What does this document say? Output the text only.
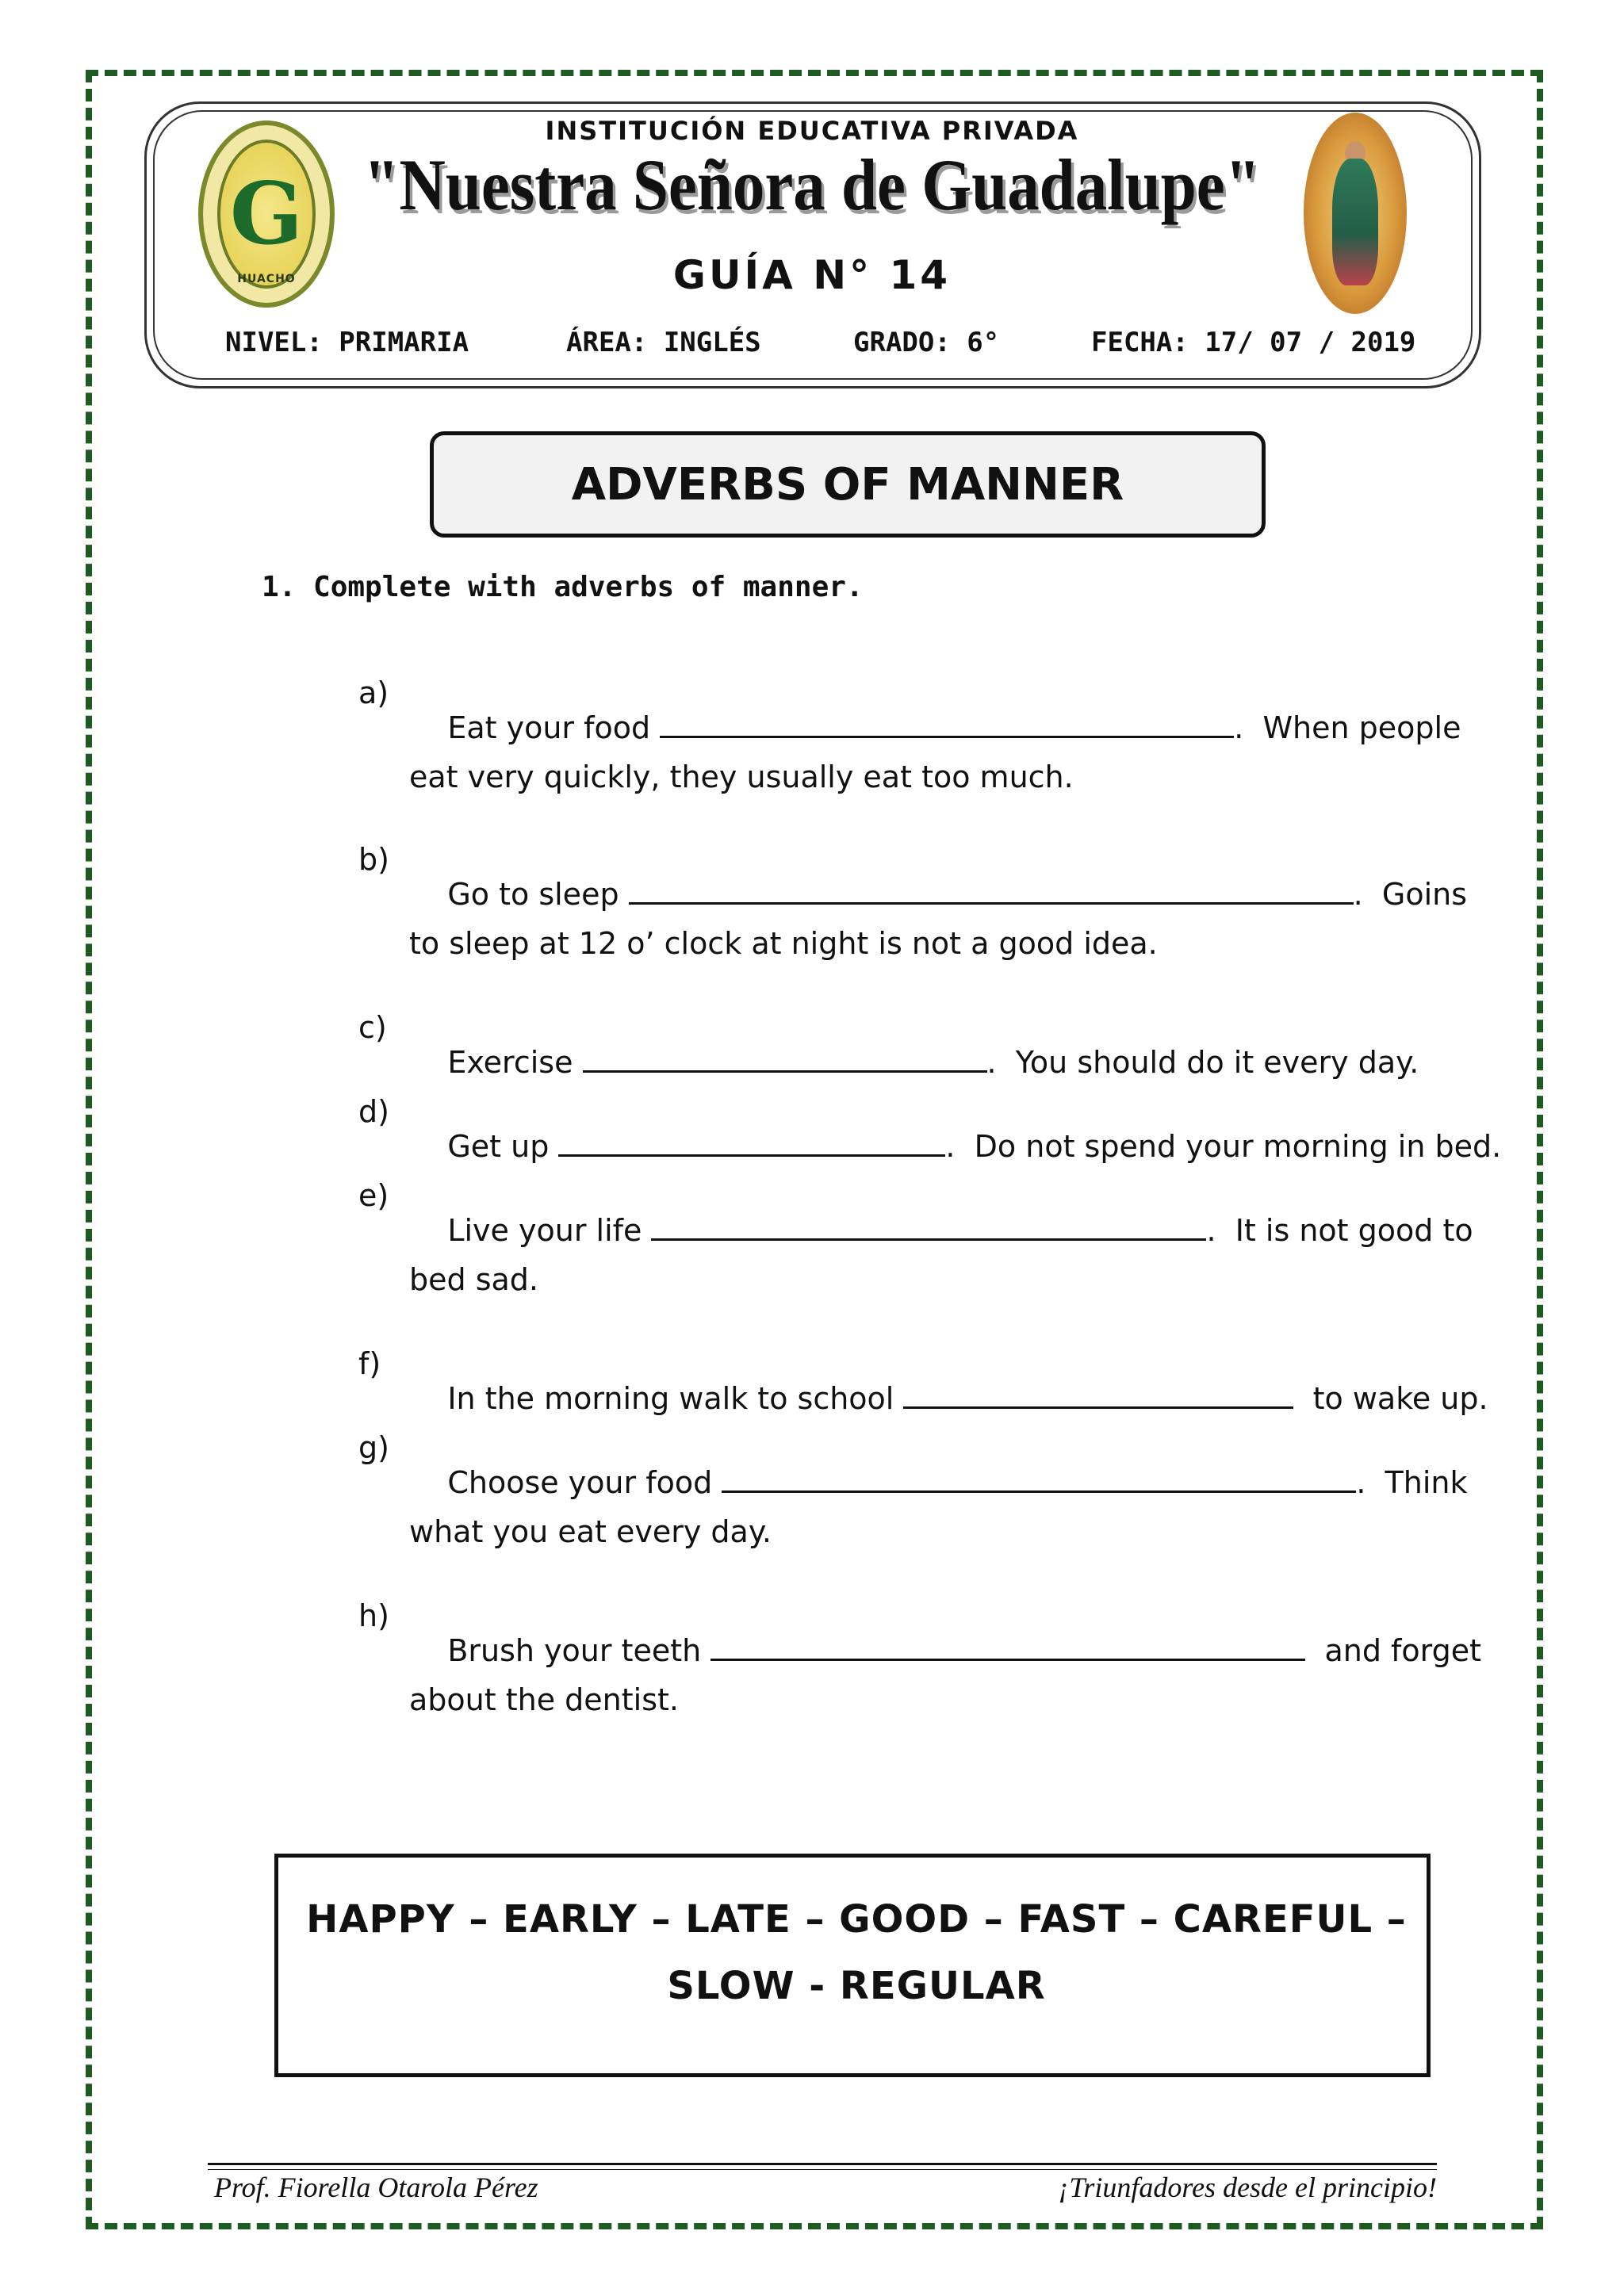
G
HUACHO
INSTITUCIÓN EDUCATIVA PRIVADA
"Nuestra Señora de Guadalupe"
GUÍA N° 14
NIVEL: PRIMARIA	ÁREA: INGLÉS	GRADO: 6°	FECHA: 17/ 07 / 2019
ADVERBS OF MANNER
1. Complete with adverbs of manner.
a)

Eat your food	.  When people

eat very quickly, they usually eat too much.
b)

Go to sleep	.  Goins

to sleep at 12 o’ clock at night is not a good idea.
c)

Exercise	.  You should do it every day.

d)

Get up	.  Do not spend your morning in bed.

e)

Live your life	.  It is not good to

bed sad.
f)

In the morning walk to school	to wake up.

g)

Choose your food	.  Think

what you eat every day.
h)

Brush your teeth	and forget

about the dentist.
HAPPY – EARLY – LATE – GOOD – FAST – CAREFUL –
SLOW - REGULAR
Prof. Fiorella Otarola Pérez	¡Triunfadores desde el principio!
